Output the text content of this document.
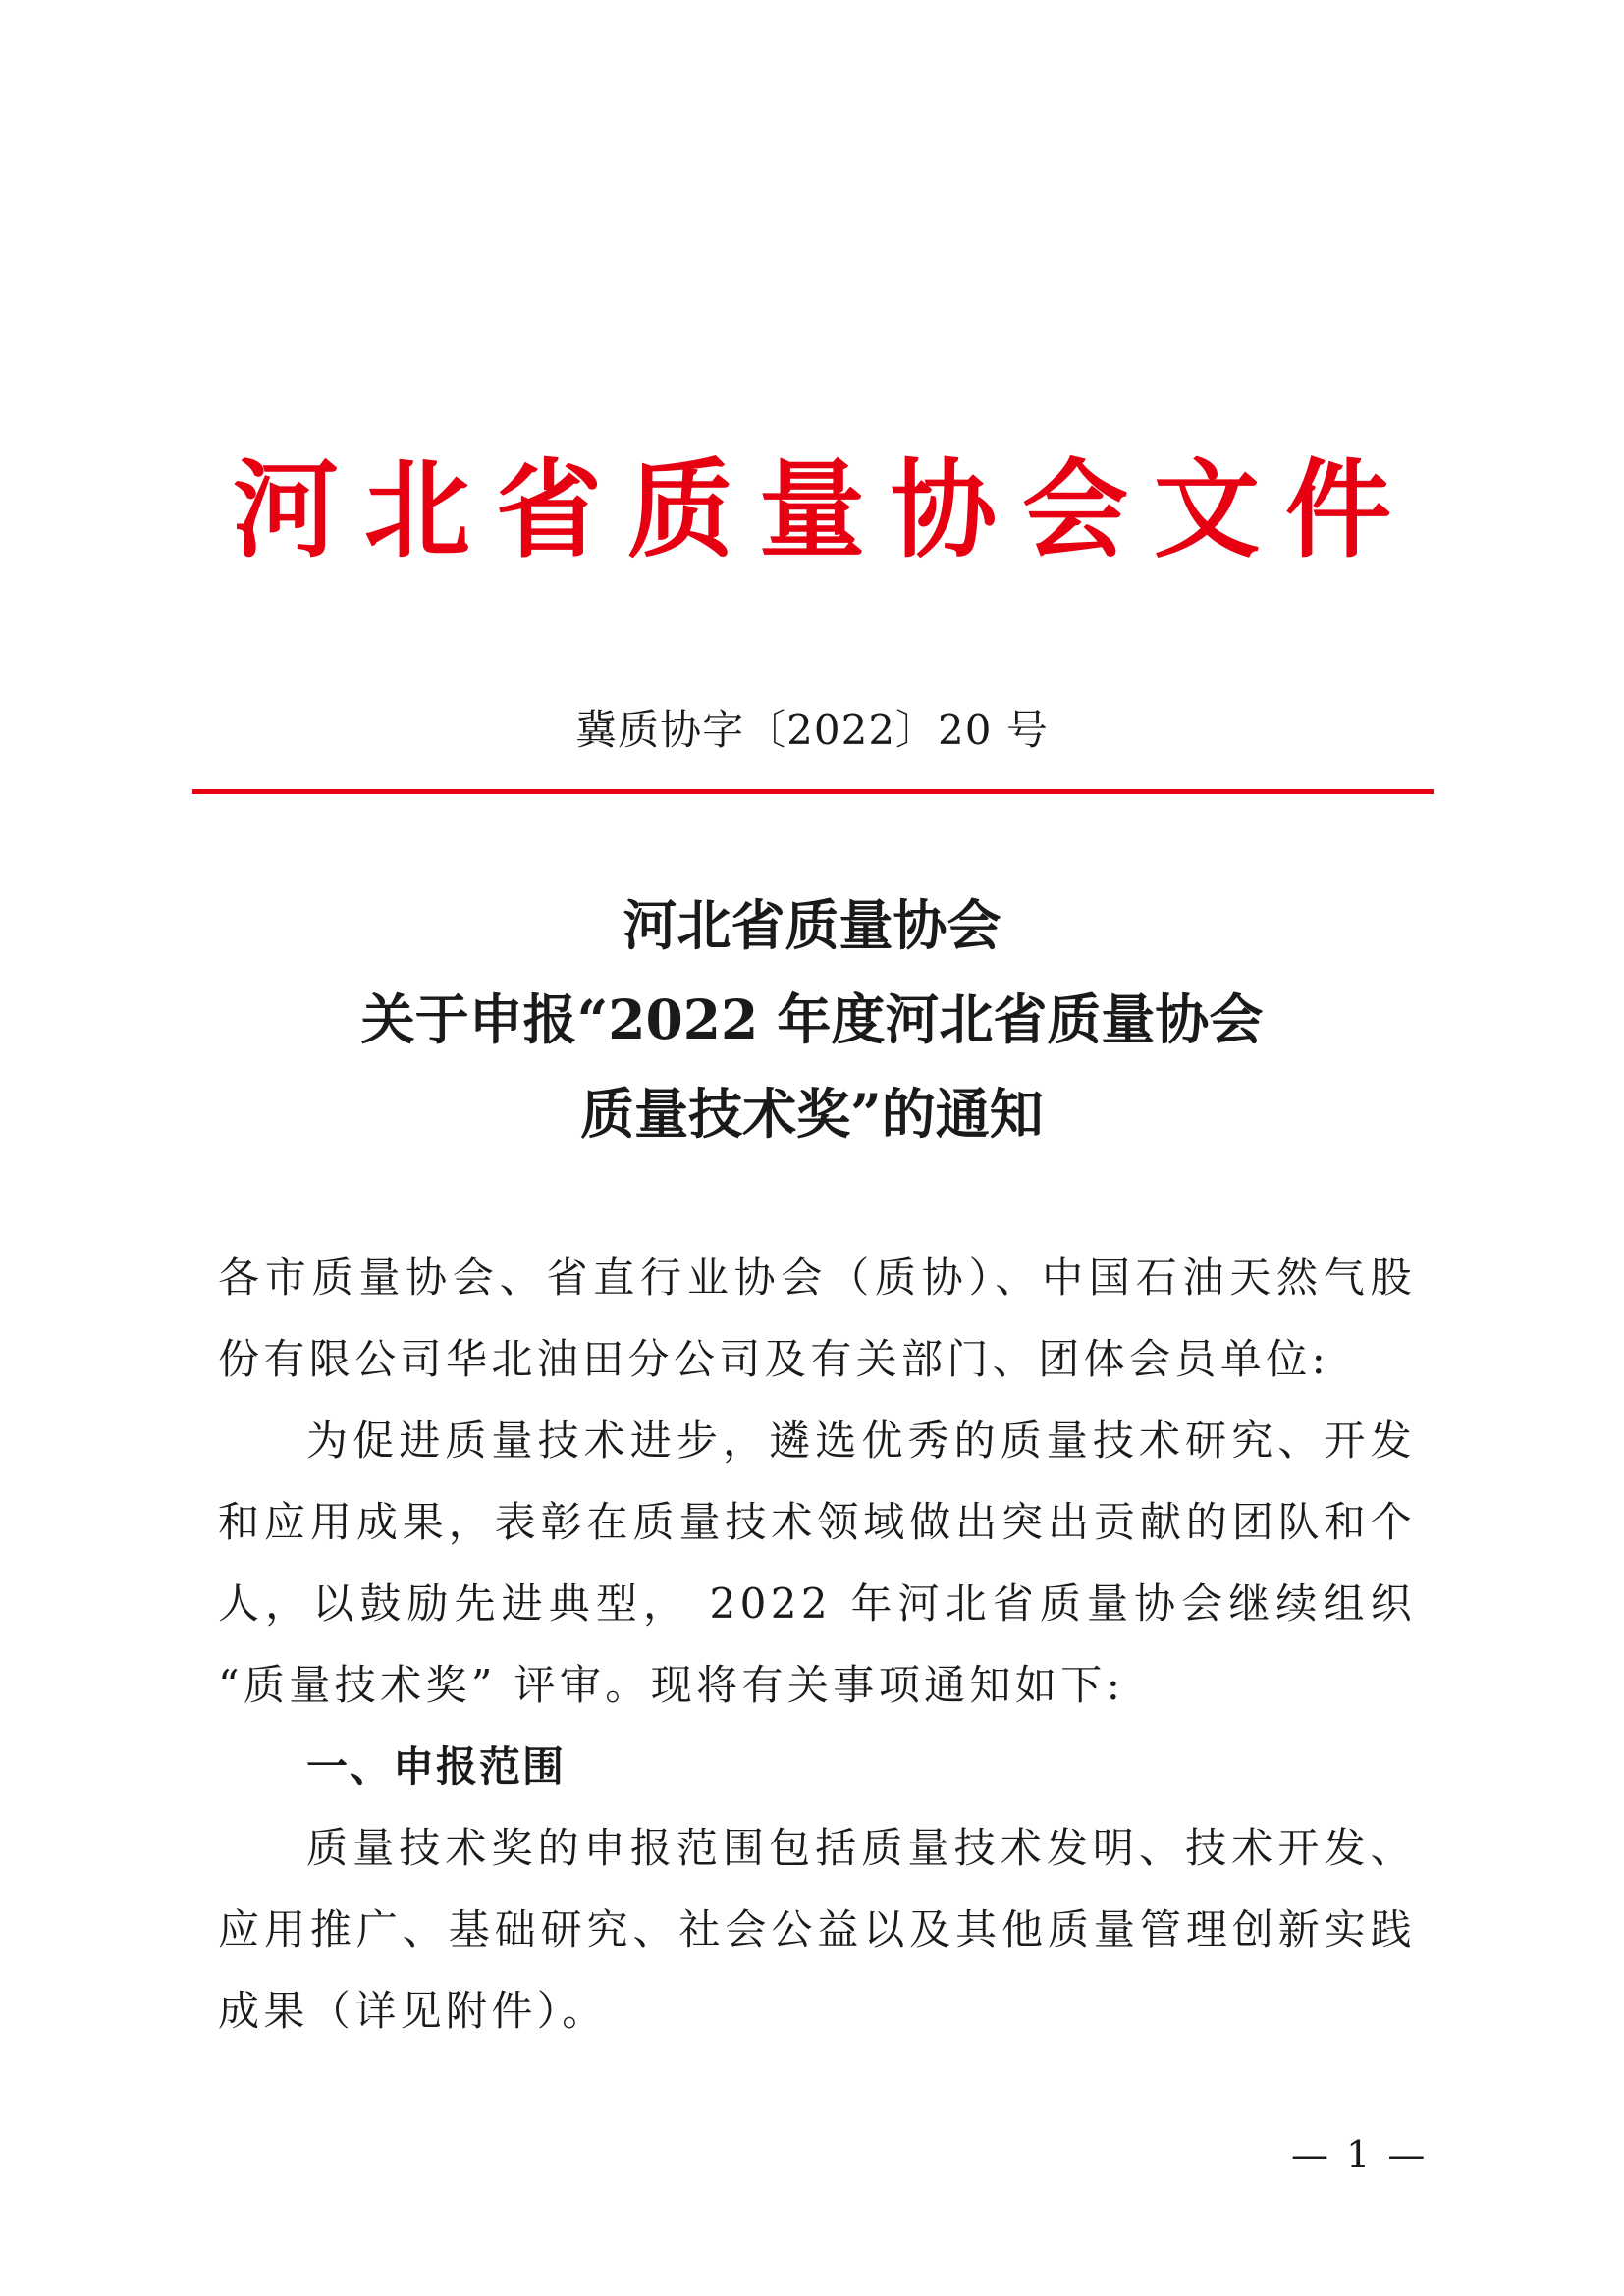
河北省质量协会文件
冀质协字〔2022〕20 号
河北省质量协会
关于申报“2022 年度河北省质量协会
质量技术奖”的通知

各市质量协会、省直行业协会（质协）、中国石油天然气股份有限公司华北油田分公司及有关部门、团体会员单位:

为促进质量技术进步，遴选优秀的质量技术研究、开发和应用成果，表彰在质量技术领域做出突出贡献的团队和个人，以鼓励先进典型， 2022 年河北省质量协会继续组织 “质量技术奖” 评审。现将有关事项通知如下:

一、申报范围

质量技术奖的申报范围包括质量技术发明、技术开发、应用推广、基础研究、社会公益以及其他质量管理创新实践成果（详见附件）。

— 1 —
